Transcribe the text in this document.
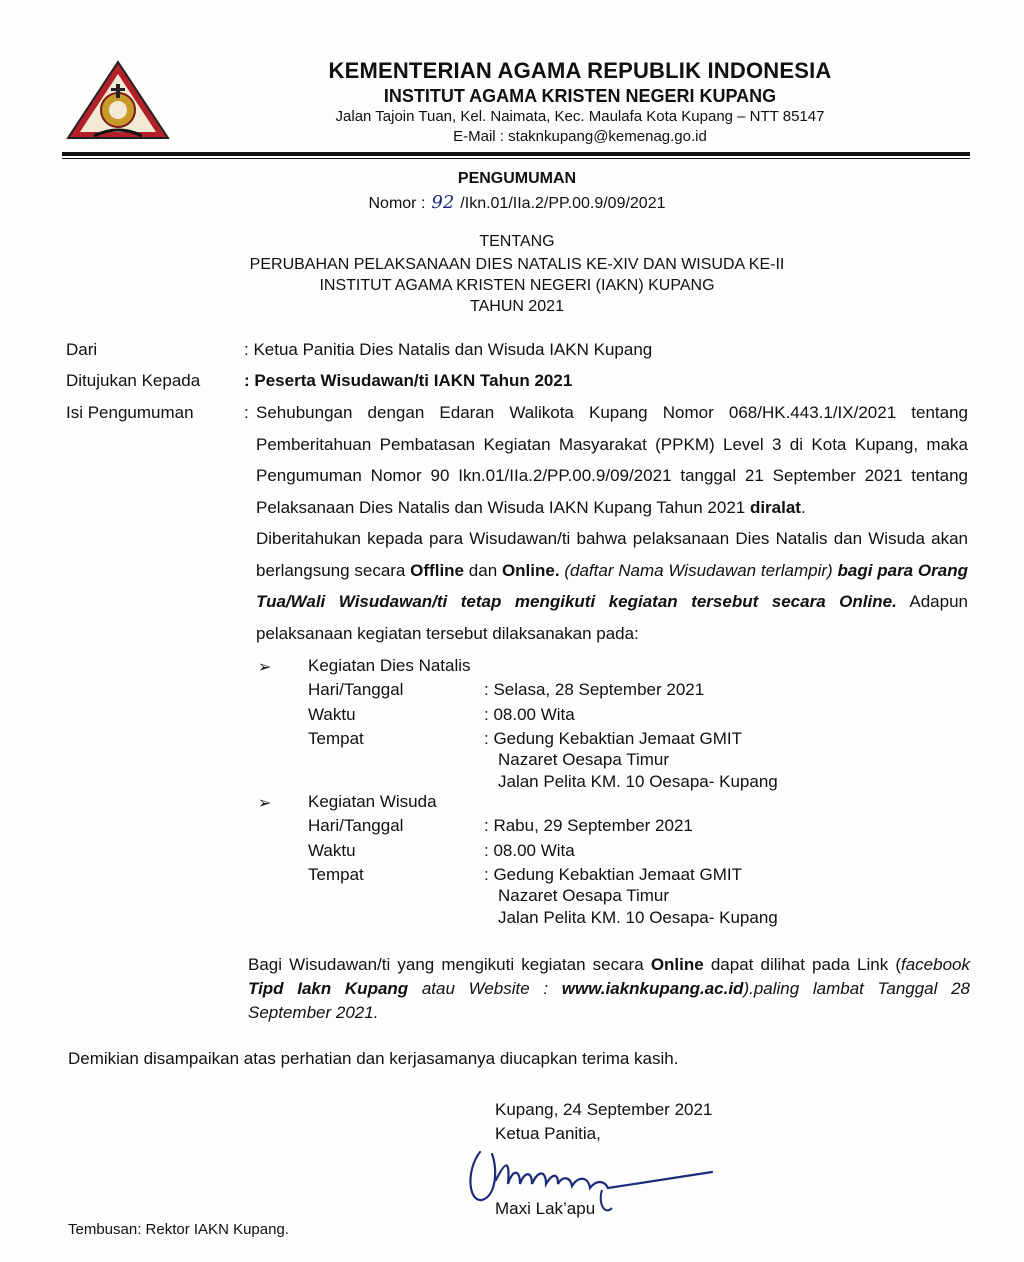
KEMENTERIAN AGAMA REPUBLIK INDONESIA
INSTITUT AGAMA KRISTEN NEGERI KUPANG
Jalan Tajoin Tuan, Kel. Naimata, Kec. Maulafa Kota Kupang – NTT 85147
E-Mail : staknkupang@kemenag.go.id
PENGUMUMAN
Nomor : 92 /Ikn.01/IIa.2/PP.00.9/09/2021
TENTANG
PERUBAHAN PELAKSANAAN DIES NATALIS KE-XIV DAN WISUDA KE-II
INSTITUT AGAMA KRISTEN NEGERI (IAKN) KUPANG
TAHUN 2021
Dari	: Ketua Panitia Dies Natalis dan Wisuda IAKN Kupang
Ditujukan Kepada	: Peserta Wisudawan/ti IAKN Tahun 2021
Isi Pengumuman	: Sehubungan dengan Edaran Walikota Kupang Nomor 068/HK.443.1/IX/2021 tentang Pemberitahuan Pembatasan Kegiatan Masyarakat (PPKM) Level 3 di Kota Kupang, maka Pengumuman Nomor 90 Ikn.01/IIa.2/PP.00.9/09/2021 tanggal 21 September 2021 tentang Pelaksanaan Dies Natalis dan Wisuda IAKN Kupang Tahun 2021 diralat.

Diberitahukan kepada para Wisudawan/ti bahwa pelaksanaan Dies Natalis dan Wisuda akan berlangsung secara Offline dan Online. (daftar Nama Wisudawan terlampir) bagi para Orang Tua/Wali Wisudawan/ti tetap mengikuti kegiatan tersebut secara Online. Adapun pelaksanaan kegiatan tersebut dilaksanakan pada:

➢ Kegiatan Dies Natalis
Hari/Tanggal	: Selasa, 28 September 2021
Waktu	: 08.00 Wita
Tempat	: Gedung Kebaktian Jemaat GMIT
Nazaret Oesapa Timur
Jalan Pelita KM. 10 Oesapa- Kupang
➢ Kegiatan Wisuda
Hari/Tanggal	: Rabu, 29 September 2021
Waktu	: 08.00 Wita
Tempat	: Gedung Kebaktian Jemaat GMIT
Nazaret Oesapa Timur
Jalan Pelita KM. 10 Oesapa- Kupang
Bagi Wisudawan/ti yang mengikuti kegiatan secara Online dapat dilihat pada Link (facebook Tipd Iakn Kupang atau Website : www.iaknkupang.ac.id).paling lambat Tanggal 28 September 2021.
Demikian disampaikan atas perhatian dan kerjasamanya diucapkan terima kasih.
Kupang, 24 September 2021
Ketua Panitia,
Maxi Lak’apu
Tembusan: Rektor IAKN Kupang.
